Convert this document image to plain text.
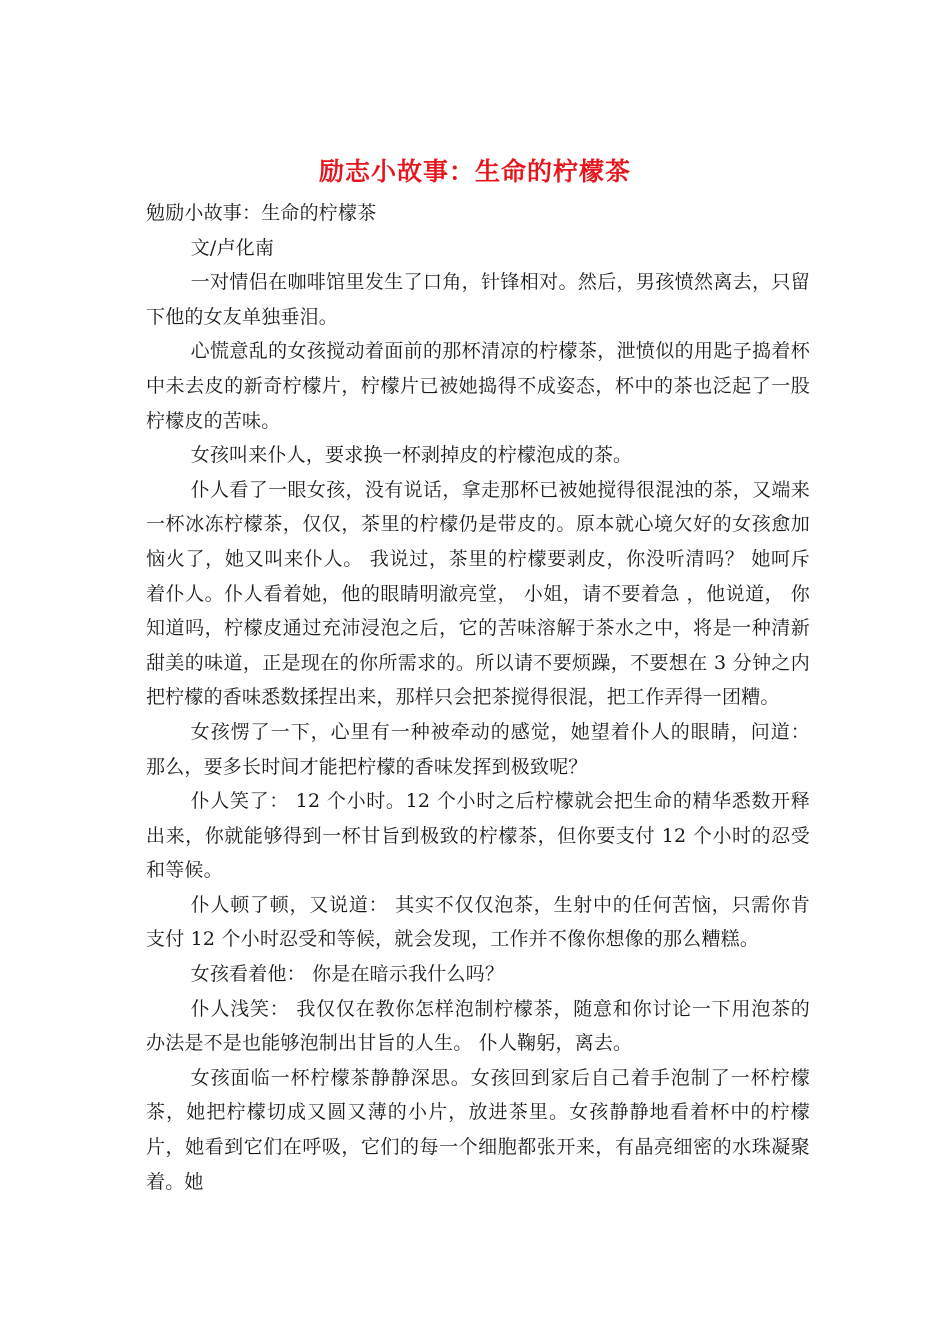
励志小故事：生命的柠檬茶

勉励小故事：生命的柠檬茶

文/卢化南

一对情侣在咖啡馆里发生了口角，针锋相对。然后，男孩愤然离去，只留下他的女友单独垂泪。

心慌意乱的女孩搅动着面前的那杯清凉的柠檬茶，泄愤似的用匙子捣着杯中未去皮的新奇柠檬片，柠檬片已被她捣得不成姿态，杯中的茶也泛起了一股柠檬皮的苦味。

女孩叫来仆人，要求换一杯剥掉皮的柠檬泡成的茶。

仆人看了一眼女孩，没有说话，拿走那杯已被她搅得很混浊的茶，又端来一杯冰冻柠檬茶，仅仅，茶里的柠檬仍是带皮的。原本就心境欠好的女孩愈加恼火了，她又叫来仆人。 我说过，茶里的柠檬要剥皮，你没听清吗？ 她呵斥着仆人。仆人看着她，他的眼睛明澈亮堂， 小姐，请不要着急 ，他说道， 你知道吗，柠檬皮通过充沛浸泡之后，它的苦味溶解于茶水之中，将是一种清新甜美的味道，正是现在的你所需求的。所以请不要烦躁，不要想在 3 分钟之内把柠檬的香味悉数揉捏出来，那样只会把茶搅得很混，把工作弄得一团糟。

女孩愣了一下，心里有一种被牵动的感觉，她望着仆人的眼睛，问道： 那么，要多长时间才能把柠檬的香味发挥到极致呢？

仆人笑了： 12 个小时。12 个小时之后柠檬就会把生命的精华悉数开释出来，你就能够得到一杯甘旨到极致的柠檬茶，但你要支付 12 个小时的忍受和等候。

仆人顿了顿，又说道： 其实不仅仅泡茶，生射中的任何苦恼，只需你肯支付 12 个小时忍受和等候，就会发现，工作并不像你想像的那么糟糕。

女孩看着他： 你是在暗示我什么吗？

仆人浅笑： 我仅仅在教你怎样泡制柠檬茶，随意和你讨论一下用泡茶的办法是不是也能够泡制出甘旨的人生。 仆人鞠躬，离去。

女孩面临一杯柠檬茶静静深思。女孩回到家后自己着手泡制了一杯柠檬茶，她把柠檬切成又圆又薄的小片，放进茶里。女孩静静地看着杯中的柠檬片，她看到它们在呼吸，它们的每一个细胞都张开来，有晶亮细密的水珠凝聚着。她
